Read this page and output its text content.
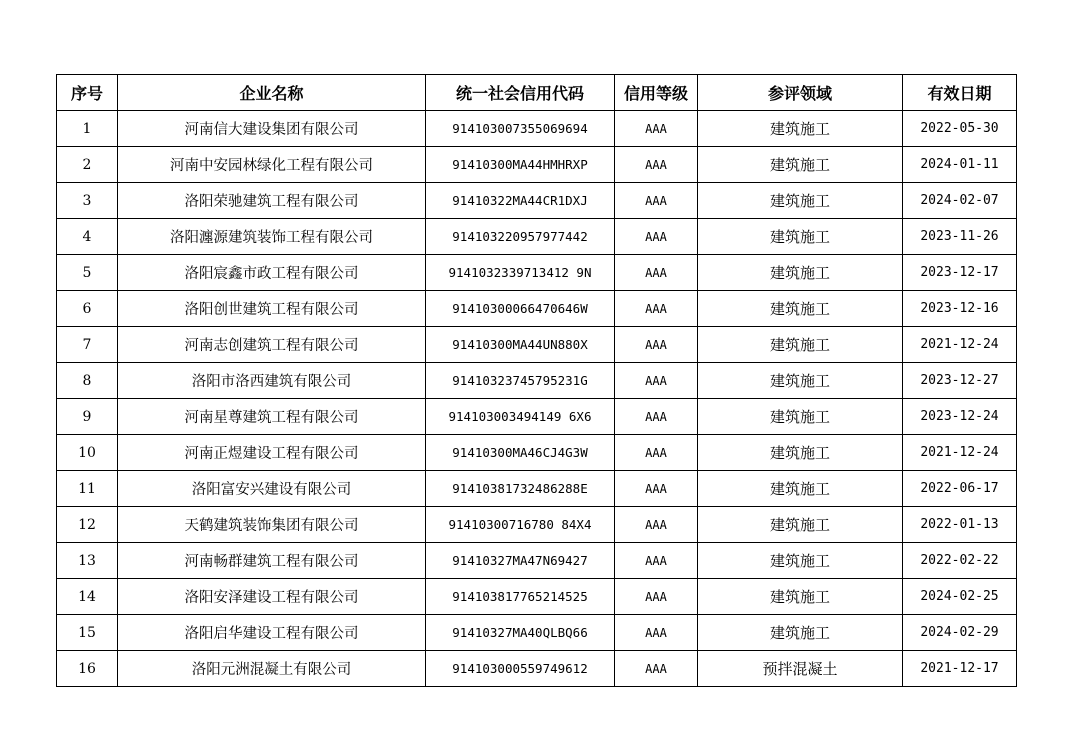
序号	企业名称	统一社会信用代码	信用等级	参评领域	有效日期
1	河南信大建设集团有限公司	914103007355069694	AAA	建筑施工	2022-05-30
2	河南中安园林绿化工程有限公司	91410300MA44HMHRXP	AAA	建筑施工	2024-01-11
3	洛阳荣驰建筑工程有限公司	91410322MA44CR1DXJ	AAA	建筑施工	2024-02-07
4	洛阳瀍源建筑装饰工程有限公司	914103220957977442	AAA	建筑施工	2023-11-26
5	洛阳宸鑫市政工程有限公司	9141032339713412 9N	AAA	建筑施工	2023-12-17
6	洛阳创世建筑工程有限公司	91410300066470646W	AAA	建筑施工	2023-12-16
7	河南志创建筑工程有限公司	91410300MA44UN880X	AAA	建筑施工	2021-12-24
8	洛阳市洛西建筑有限公司	91410323745795231G	AAA	建筑施工	2023-12-27
9	河南星尊建筑工程有限公司	914103003494149 6X6	AAA	建筑施工	2023-12-24
10	河南正煜建设工程有限公司	91410300MA46CJ4G3W	AAA	建筑施工	2021-12-24
11	洛阳富安兴建设有限公司	91410381732486288E	AAA	建筑施工	2022-06-17
12	天鹤建筑装饰集团有限公司	91410300716780 84X4	AAA	建筑施工	2022-01-13
13	河南畅群建筑工程有限公司	91410327MA47N69427	AAA	建筑施工	2022-02-22
14	洛阳安泽建设工程有限公司	914103817765214525	AAA	建筑施工	2024-02-25
15	洛阳启华建设工程有限公司	91410327MA40QLBQ66	AAA	建筑施工	2024-02-29
16	洛阳元洲混凝土有限公司	914103000559749612	AAA	预拌混凝土	2021-12-17
